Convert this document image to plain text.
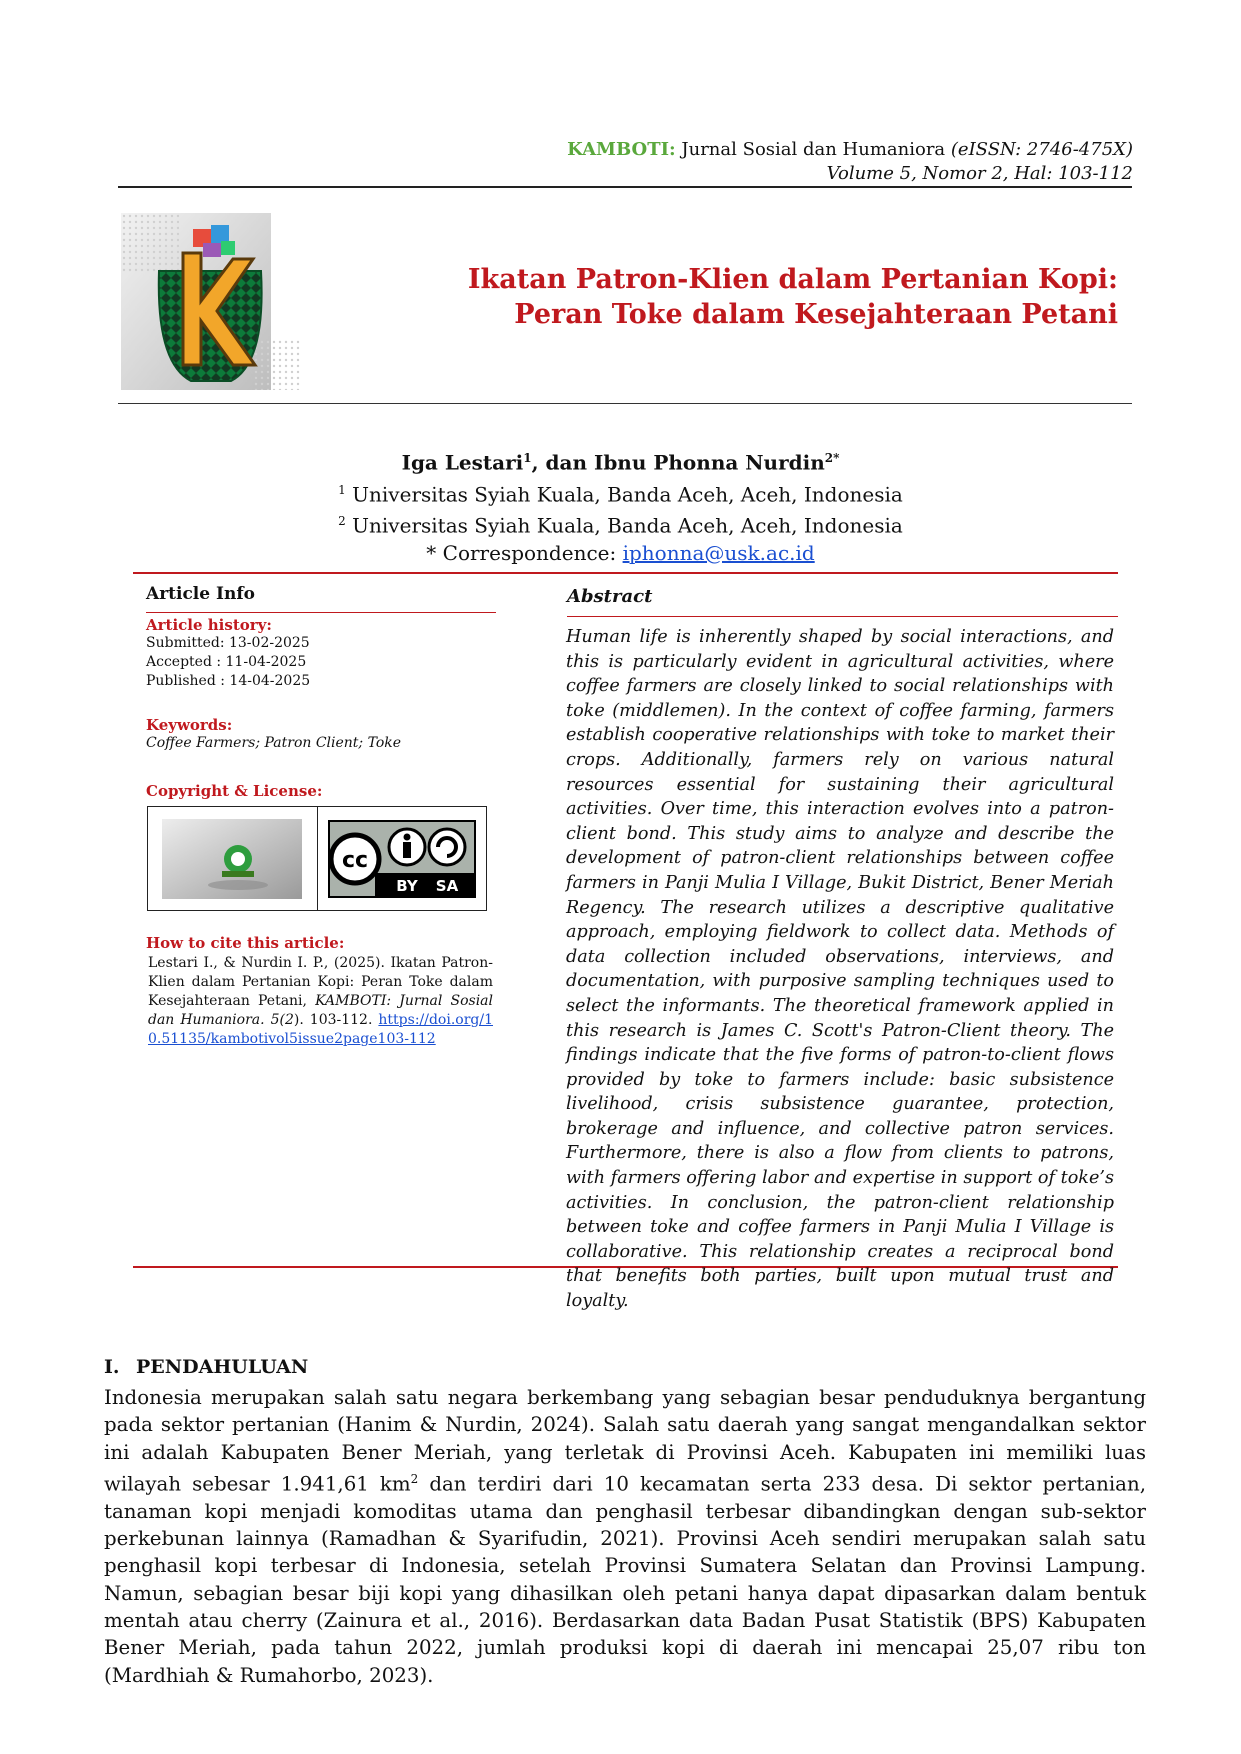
KAMBOTI: Jurnal Sosial dan Humaniora (eISSN: 2746-475X)
Volume 5, Nomor 2, Hal: 103-112
Ikatan Patron-Klien dalam Pertanian Kopi: Peran Toke dalam Kesejahteraan Petani
Iga Lestari$^1$, dan Ibnu Phonna Nurdin$^{2*}$
$^1$ Universitas Syiah Kuala, Banda Aceh, Aceh, Indonesia
$^2$ Universitas Syiah Kuala, Banda Aceh, Aceh, Indonesia
* Correspondence: iphonna@usk.ac.id
Article Info
Article history:
Submitted: 13-02-2025
Accepted : 11-04-2025
Published : 14-04-2025
Keywords:
Coffee Farmers; Patron Client; Toke
Copyright & License:
cc
BY SA
How to cite this article:
Lestari I., & Nurdin I. P., (2025). Ikatan Patron-Klien dalam Pertanian Kopi: Peran Toke dalam Kesejahteraan Petani, KAMBOTI: Jurnal Sosial dan Humaniora. 5(2). 103-112. https://doi.org/10.51135/kambotivol5issue2page103-112
Abstract
Human life is inherently shaped by social interactions, and this is particularly evident in agricultural activities, where coffee farmers are closely linked to social relationships with toke (middlemen). In the context of coffee farming, farmers establish cooperative relationships with toke to market their crops. Additionally, farmers rely on various natural resources essential for sustaining their agricultural activities. Over time, this interaction evolves into a patron-client bond. This study aims to analyze and describe the development of patron-client relationships between coffee farmers in Panji Mulia I Village, Bukit District, Bener Meriah Regency. The research utilizes a descriptive qualitative approach, employing fieldwork to collect data. Methods of data collection included observations, interviews, and documentation, with purposive sampling techniques used to select the informants. The theoretical framework applied in this research is James C. Scott's Patron-Client theory. The findings indicate that the five forms of patron-to-client flows provided by toke to farmers include: basic subsistence livelihood, crisis subsistence guarantee, protection, brokerage and influence, and collective patron services. Furthermore, there is also a flow from clients to patrons, with farmers offering labor and expertise in support of toke’s activities. In conclusion, the patron-client relationship between toke and coffee farmers in Panji Mulia I Village is collaborative. This relationship creates a reciprocal bond that benefits both parties, built upon mutual trust and loyalty.
I. PENDAHULUAN
Indonesia merupakan salah satu negara berkembang yang sebagian besar penduduknya bergantung pada sektor pertanian (Hanim & Nurdin, 2024). Salah satu daerah yang sangat mengandalkan sektor ini adalah Kabupaten Bener Meriah, yang terletak di Provinsi Aceh. Kabupaten ini memiliki luas wilayah sebesar 1.941,61 $km^2$ dan terdiri dari 10 kecamatan serta 233 desa. Di sektor pertanian, tanaman kopi menjadi komoditas utama dan penghasil terbesar dibandingkan dengan sub-sektor perkebunan lainnya (Ramadhan & Syarifudin, 2021). Provinsi Aceh sendiri merupakan salah satu penghasil kopi terbesar di Indonesia, setelah Provinsi Sumatera Selatan dan Provinsi Lampung. Namun, sebagian besar biji kopi yang dihasilkan oleh petani hanya dapat dipasarkan dalam bentuk mentah atau cherry (Zainura et al., 2016). Berdasarkan data Badan Pusat Statistik (BPS) Kabupaten Bener Meriah, pada tahun 2022, jumlah produksi kopi di daerah ini mencapai 25,07 ribu ton (Mardhiah & Rumahorbo, 2023).
